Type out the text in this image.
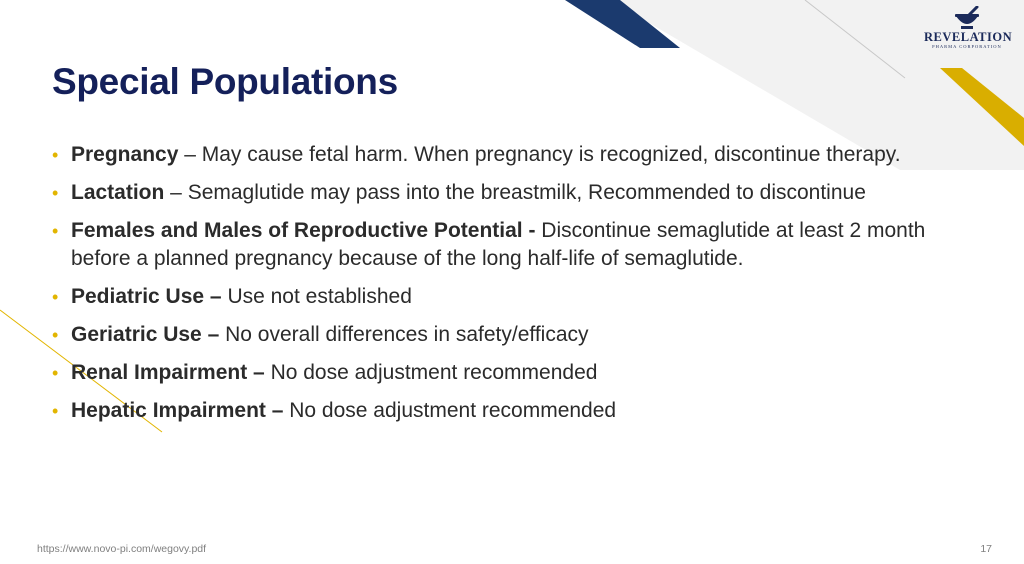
REVELATION
PHARMA CORPORATION
Special Populations
• Pregnancy – May cause fetal harm. When pregnancy is recognized, discontinue therapy.
• Lactation – Semaglutide may pass into the breastmilk, Recommended to discontinue
• Females and Males of Reproductive Potential - Discontinue semaglutide at least 2 month before a planned pregnancy because of the long half-life of semaglutide.
• Pediatric Use – Use not established
• Geriatric Use – No overall differences in safety/efficacy
• Renal Impairment – No dose adjustment recommended
• Hepatic Impairment – No dose adjustment recommended
https://www.novo-pi.com/wegovy.pdf	17
